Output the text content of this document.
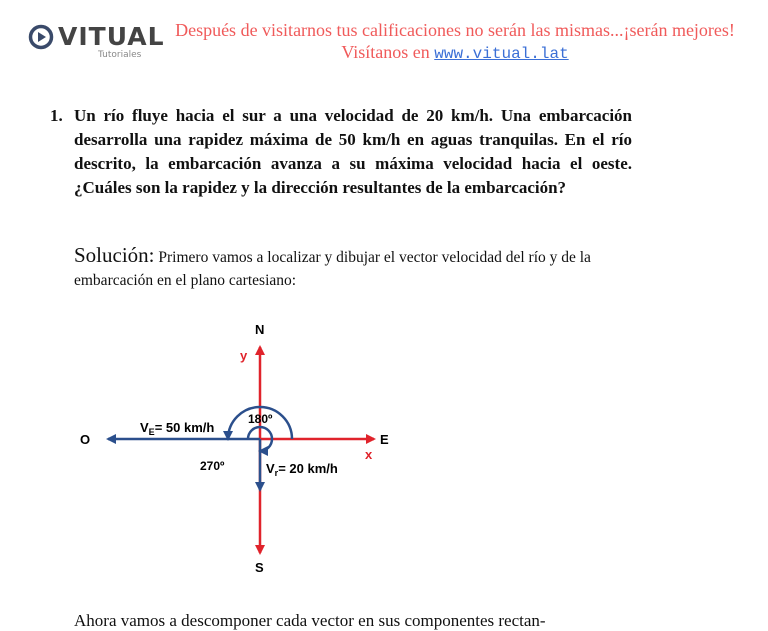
VITUAL
Tutoriales
Después de visitarnos tus calificaciones no serán las mismas...¡serán mejores!
Visítanos en www.vitual.lat
1. Un río fluye hacia el sur a una velocidad de 20 km/h. Una embarcación desarrolla una rapidez máxima de 50 km/h en aguas tranquilas. En el río descrito, la embarcación avanza a su máxima velocidad hacia el oeste. ¿Cuáles son la rapidez y la dirección resultantes de la embarcación?
Solución: Primero vamos a localizar y dibujar el vector velocidad del río y de la embarcación en el plano cartesiano:
N
S
E
O
x
y
180º
270º
$V_E= 50$ km/h
$V_r= 20$ km/h
Ahora vamos a descomponer cada vector en sus componentes rectan-
